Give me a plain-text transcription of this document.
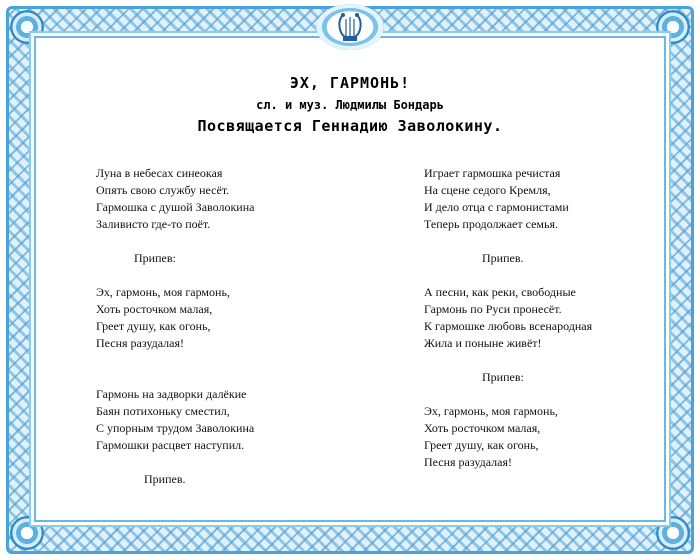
ЭХ, ГАРМОНЬ!
сл. и муз. Людмилы Бондарь
Посвящается Геннадию Заволокину.
Луна в небесах синеокая
Опять свою службу несёт.
Гармошка с душой Заволокина
Заливисто где-то поёт.
Припев:
Эх, гармонь, моя гармонь,
Хоть росточком малая,
Греет душу, как огонь,
Песня разудалая!
Гармонь на задворки далёкие
Баян потихоньку сместил,
С упорным трудом Заволокина
Гармошки расцвет наступил.
Припев.
Играет гармошка речистая
На сцене седого Кремля,
И дело отца с гармонистами
Теперь продолжает семья.
Припев.
А песни, как реки, свободные
Гармонь по Руси пронесёт.
К гармошке любовь всенародная
Жила и поныне живёт!
Припев:
Эх, гармонь, моя гармонь,
Хоть росточком малая,
Греет душу, как огонь,
Песня разудалая!
